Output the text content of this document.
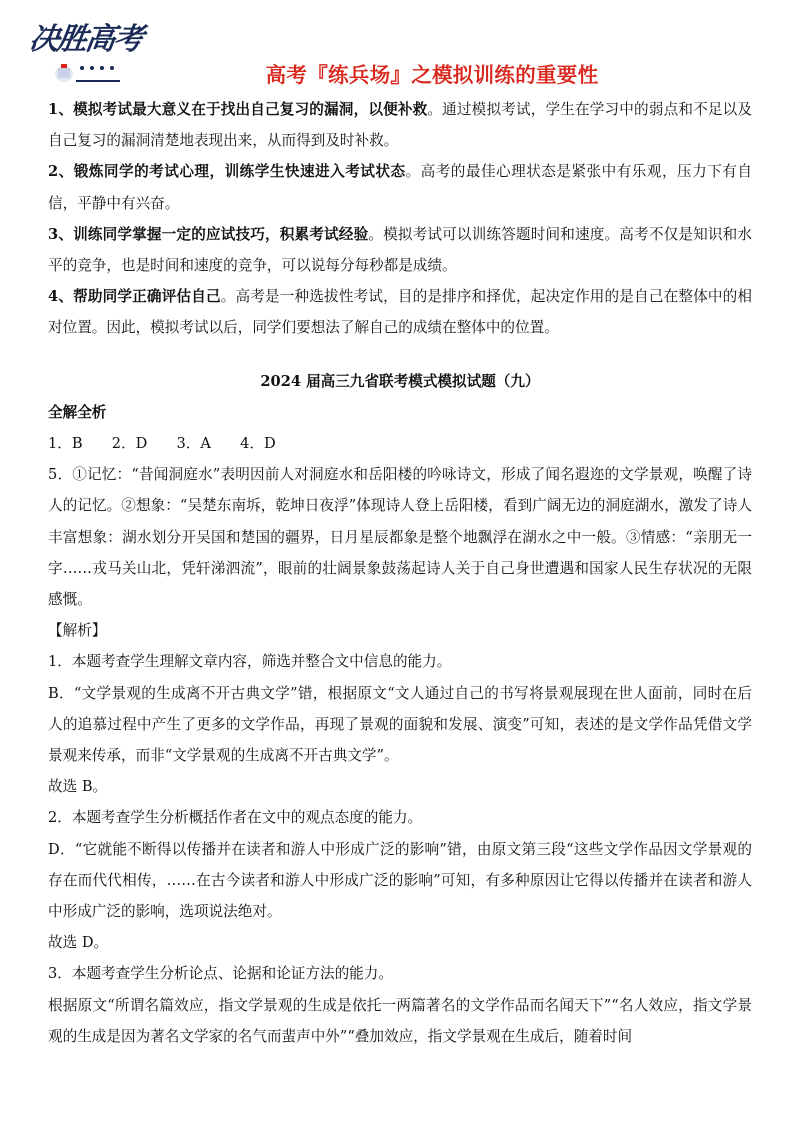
决胜高考
高考『练兵场』之模拟训练的重要性

1、模拟考试最大意义在于找出自己复习的漏洞，以便补救。通过模拟考试，学生在学习中的弱点和不足以及自己复习的漏洞清楚地表现出来，从而得到及时补救。

2、锻炼同学的考试心理，训练学生快速进入考试状态。高考的最佳心理状态是紧张中有乐观，压力下有自信，平静中有兴奋。

3、训练同学掌握一定的应试技巧，积累考试经验。模拟考试可以训练答题时间和速度。高考不仅是知识和水平的竞争，也是时间和速度的竞争，可以说每分每秒都是成绩。

4、帮助同学正确评估自己。高考是一种选拔性考试，目的是排序和择优，起决定作用的是自己在整体中的相对位置。因此，模拟考试以后，同学们要想法了解自己的成绩在整体中的位置。

2024 届高三九省联考模式模拟试题（九）

全解全析

1．B　　2．D　　3．A　　4．D

5．①记忆：“昔闻洞庭水”表明因前人对洞庭水和岳阳楼的吟咏诗文，形成了闻名遐迩的文学景观，唤醒了诗人的记忆。②想象：“吴楚东南坼，乾坤日夜浮”体现诗人登上岳阳楼，看到广阔无边的洞庭湖水，激发了诗人丰富想象：湖水划分开吴国和楚国的疆界，日月星辰都象是整个地飘浮在湖水之中一般。③情感：“亲朋无一字……戎马关山北，凭轩涕泗流”，眼前的壮阔景象鼓荡起诗人关于自己身世遭遇和国家人民生存状况的无限感慨。

【解析】

1．本题考查学生理解文章内容，筛选并整合文中信息的能力。

B．“文学景观的生成离不开古典文学”错，根据原文“文人通过自己的书写将景观展现在世人面前，同时在后人的追慕过程中产生了更多的文学作品，再现了景观的面貌和发展、演变”可知，表述的是文学作品凭借文学景观来传承，而非“文学景观的生成离不开古典文学”。

故选 B。

2．本题考查学生分析概括作者在文中的观点态度的能力。

D．“它就能不断得以传播并在读者和游人中形成广泛的影响”错，由原文第三段“这些文学作品因文学景观的存在而代代相传，……在古今读者和游人中形成广泛的影响”可知，有多种原因让它得以传播并在读者和游人中形成广泛的影响，选项说法绝对。

故选 D。

3．本题考查学生分析论点、论据和论证方法的能力。

根据原文“所谓名篇效应，指文学景观的生成是依托一两篇著名的文学作品而名闻天下”“名人效应，指文学景观的生成是因为著名文学家的名气而蜚声中外”“叠加效应，指文学景观在生成后，随着时间
